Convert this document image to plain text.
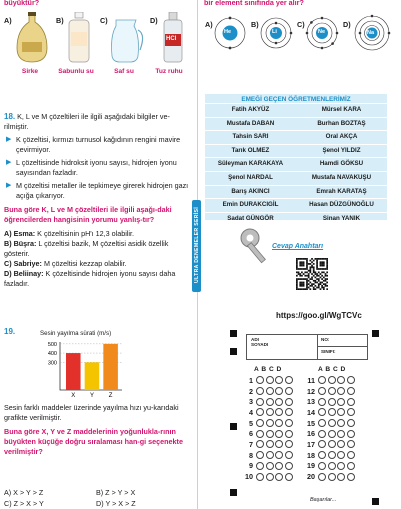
büyüktür?
A)	B)	C)	D)
HCl
Sirke	Sabunlu su	Saf su	Tuz ruhu
18. K, L ve M çözeltileri ile ilgili aşağıdaki bilgiler ve-rilmiştir.
▶ K çözeltisi, kırmızı turnusol kağıdının rengini mavire çevirmiyor.
▶ L çözeltisinde hidroksit iyonu sayısı, hidrojen iyonu sayısından fazladır.
▶ M çözeltisi metaller ile tepkimeye girerek hidrojen gazı açığa çıkarıyor.
Buna göre K, L ve M çözeltileri ile ilgili aşağı-daki öğrencilerden hangisinin yorumu yanlış-tır?
A) Esma: K çözeltisinin pH'ı 12,3 olabilir.
B) Büşra: L çözeltisi bazik, M çözeltisi asidik özellik gösterir.
C) Sabriye: M çözeltisi kezzap olabilir.
D) Beliinay: K çözeltisinde hidrojen iyonu sayısı daha fazladır.
19.	Sesin yayılma sürati (m/s)
300
400
500
X Y Z
Sesin farklı maddeler üzerinde yayılma hızı yu-karıdaki grafikte verilmiştir.
Buna göre X, Y ve Z maddelerinin yoğunlukla-rının büyükten küçüğe doğru sıralaması han-gi seçenekte verilmiştir?
A) X > Y > Z	B) Z > Y > X
C) Z > X > Y	D) Y > X > Z
bir element sınıfında yer alır?
A)
He
B)
Li
C)
Ne
D)
Na
EMEĞİ GEÇEN ÖĞRETMENLERİMİZ
Fatih AKYÜZ	Mürsel KARA
Mustafa DABAN	Burhan BOZTAŞ
Tahsin SARI	Oral AKÇA
Tarık OLMEZ	Şenol YILDIZ
Süleyman KARAKAYA	Hamdi GÖKSU
Şenol NARDAL	Mustafa NAVAKUŞU
Barış AKINCI	Emrah KARATAŞ
Emin DURAKCIGİL	Hasan DÜZGÜNOĞLU
Sadat GÜNGÖR	Sinan YANIK
ULTRA DENEMELER SERİSİ	Cevap Anahtarı
https://goo.gl/WgTCVc
ADI SOYADI
NO:
SINIFI:
A B C D	A B C D
1
2
3
4
5
6
7
8
9
10
11
12
13
14
15
16
17
18
19
20
Başarılar...
